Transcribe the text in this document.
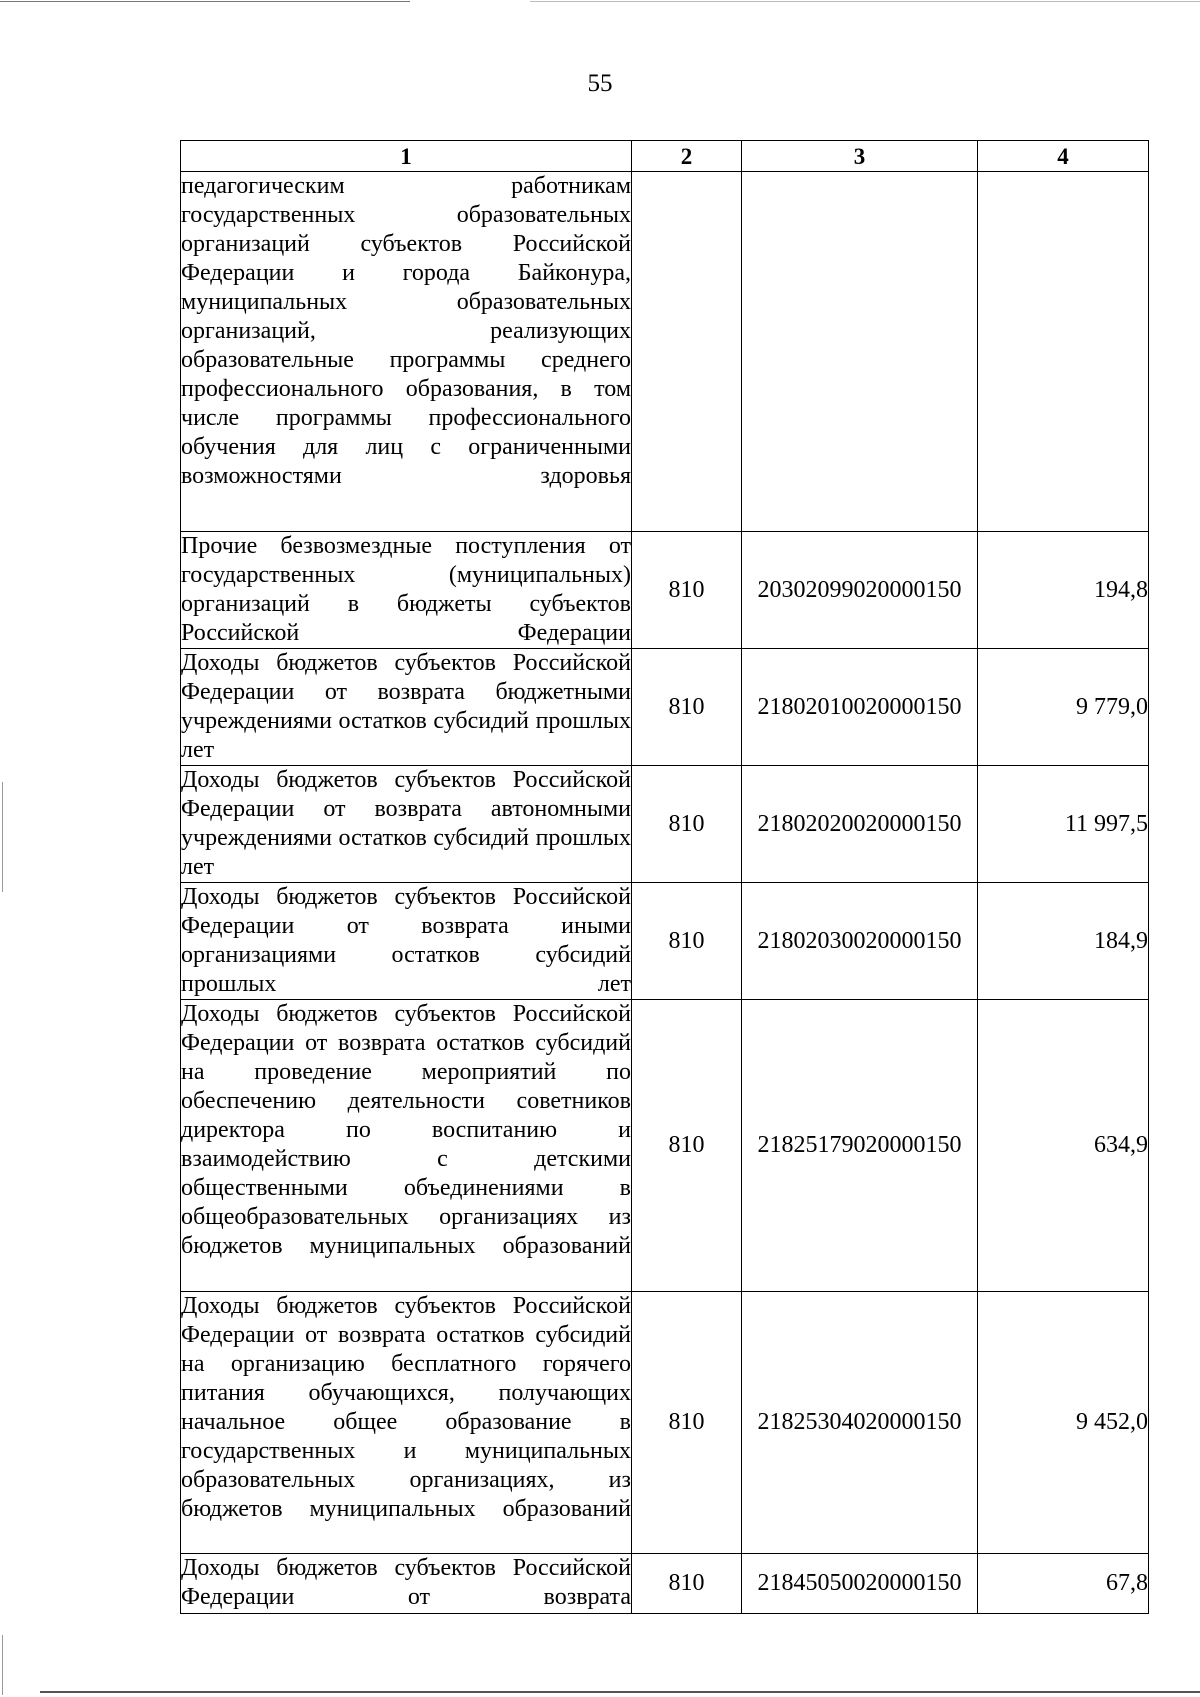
55
1	2	3	4
педагогическим работникам государственных образовательных организаций субъектов Российской Федерации и города Байконура, муниципальных образовательных организаций, реализующих образовательные программы среднего профессионального образования, в том числе программы профессионального обучения для лиц с ограниченными возможностями здоровья			
Прочие безвозмездные поступления от государственных (муниципальных) организаций в бюджеты субъектов Российской Федерации	810	20302099020000150	194,8
Доходы бюджетов субъектов Российской Федерации от возврата бюджетными учреждениями остатков субсидий прошлых лет	810	21802010020000150	9 779,0
Доходы бюджетов субъектов Российской Федерации от возврата автономными учреждениями остатков субсидий прошлых лет	810	21802020020000150	11 997,5
Доходы бюджетов субъектов Российской Федерации от возврата иными организациями остатков субсидий прошлых лет	810	21802030020000150	184,9
Доходы бюджетов субъектов Российской Федерации от возврата остатков субсидий на проведение мероприятий по обеспечению деятельности советников директора по воспитанию и взаимодействию с детскими общественными объединениями в общеобразовательных организациях из бюджетов муниципальных образований	810	21825179020000150	634,9
Доходы бюджетов субъектов Российской Федерации от возврата остатков субсидий на организацию бесплатного горячего питания обучающихся, получающих начальное общее образование в государственных и муниципальных образовательных организациях, из бюджетов муниципальных образований	810	21825304020000150	9 452,0
Доходы бюджетов субъектов Российской Федерации от возврата	810	21845050020000150	67,8
